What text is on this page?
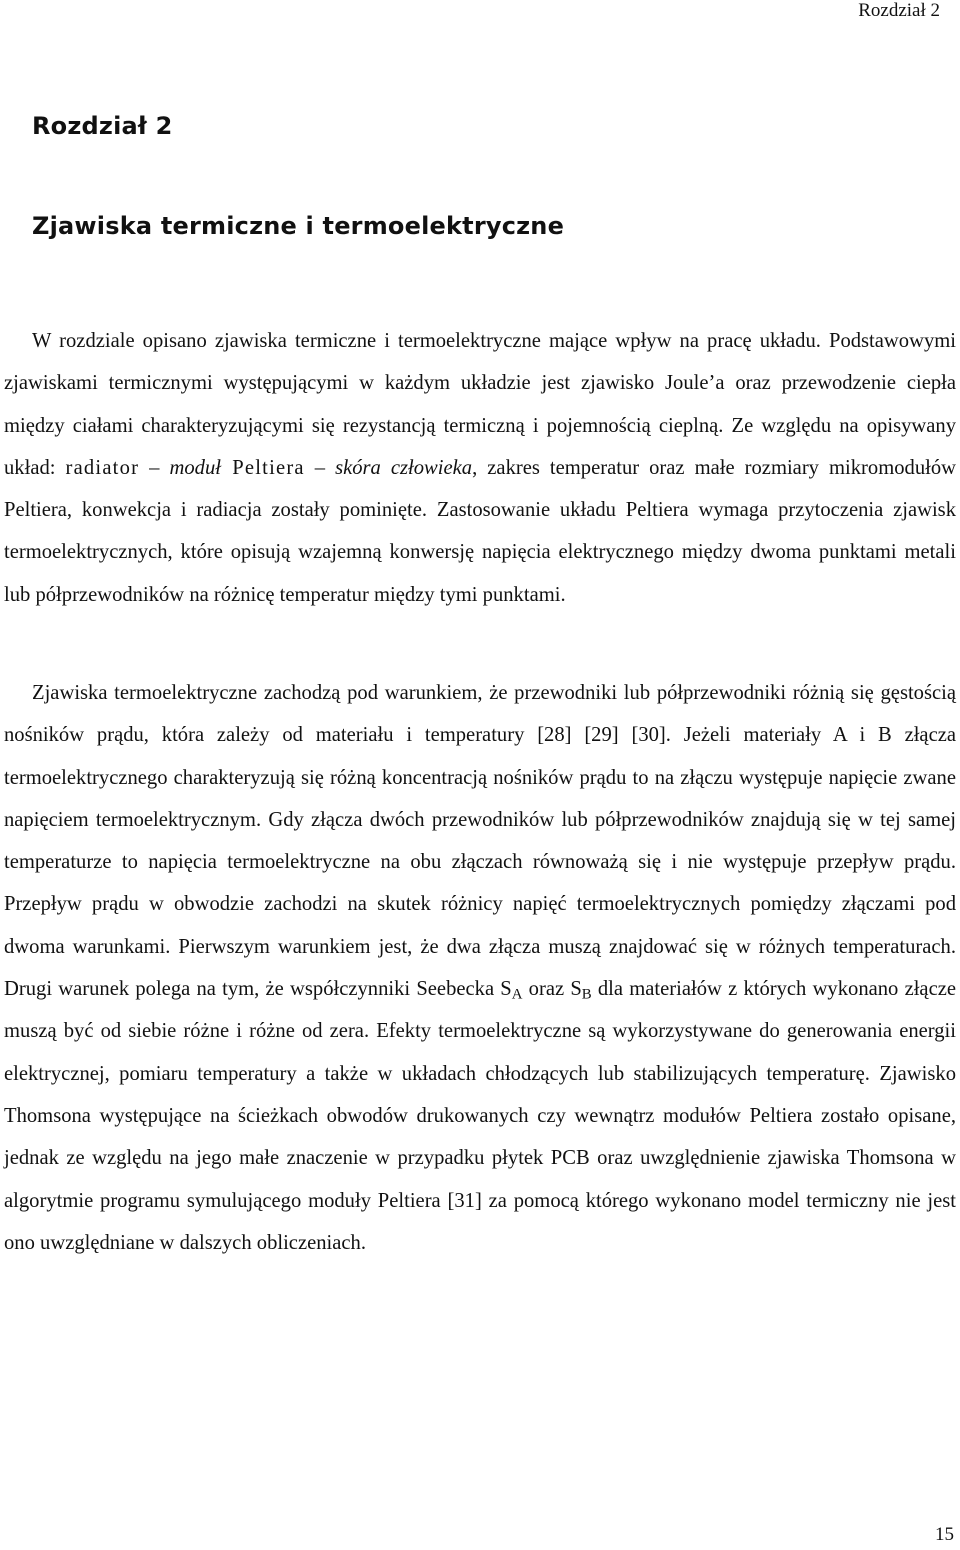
Rozdział 2
Rozdział 2
Zjawiska termiczne i termoelektryczne

W rozdziale opisano zjawiska termiczne i termoelektryczne mające wpływ na pracę układu. Podstawowymi zjawiskami termicznymi występującymi w każdym układzie jest zjawisko Joule’a oraz przewodzenie ciepła między ciałami charakteryzującymi się rezystancją termiczną i pojemnością cieplną. Ze względu na opisywany układ: radiator – moduł Peltiera – skóra człowieka, zakres temperatur oraz małe rozmiary mikromodułów Peltiera, konwekcja i radiacja zostały pominięte. Zastosowanie układu Peltiera wymaga przytoczenia zjawisk termoelektrycznych, które opisują wzajemną konwersję napięcia elektrycznego między dwoma punktami metali lub półprzewodników na różnicę temperatur między tymi punktami.

Zjawiska termoelektryczne zachodzą pod warunkiem, że przewodniki lub półprzewodniki różnią się gęstością nośników prądu, która zależy od materiału i temperatury [28] [29] [30]. Jeżeli materiały A i B złącza termoelektrycznego charakteryzują się różną koncentracją nośników prądu to na złączu występuje napięcie zwane napięciem termoelektrycznym. Gdy złącza dwóch przewodników lub półprzewodników znajdują się w tej samej temperaturze to napięcia termoelektryczne na obu złączach równoważą się i nie występuje przepływ prądu. Przepływ prądu w obwodzie zachodzi na skutek różnicy napięć termoelektrycznych pomiędzy złączami pod dwoma warunkami. Pierwszym warunkiem jest, że dwa złącza muszą znajdować się w różnych temperaturach. Drugi warunek polega na tym, że współczynniki Seebecka $S_A$ oraz $S_B$ dla materiałów z których wykonano złącze muszą być od siebie różne i różne od zera. Efekty termoelektryczne są wykorzystywane do generowania energii elektrycznej, pomiaru temperatury a także w układach chłodzących lub stabilizujących temperaturę. Zjawisko Thomsona występujące na ścieżkach obwodów drukowanych czy wewnątrz modułów Peltiera zostało opisane, jednak ze względu na jego małe znaczenie w przypadku płytek PCB oraz uwzględnienie zjawiska Thomsona w algorytmie programu symulującego moduły Peltiera [31] za pomocą którego wykonano model termiczny nie jest ono uwzględniane w dalszych obliczeniach.

15
